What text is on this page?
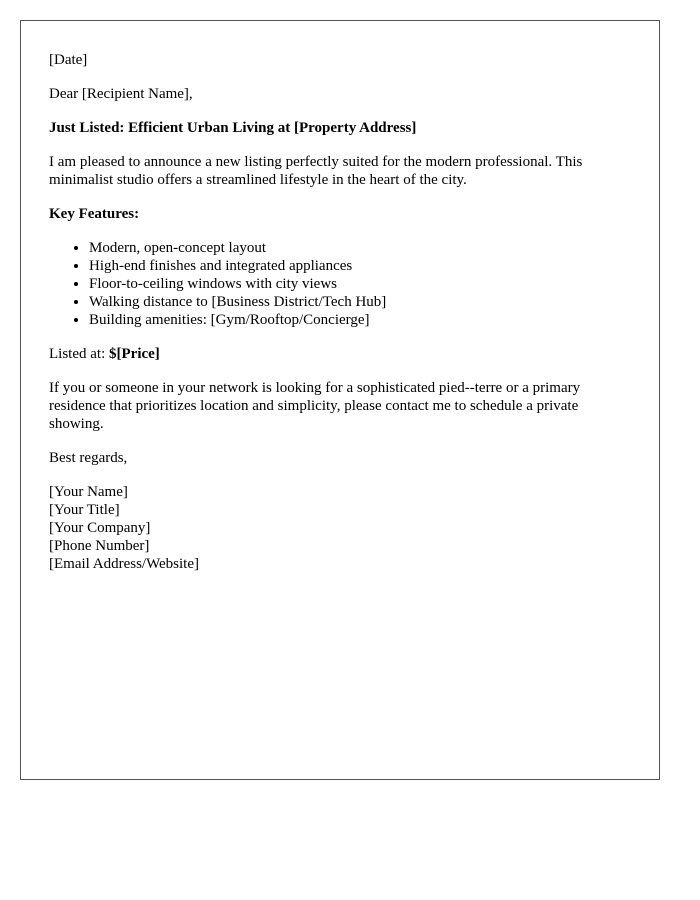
[Date]

Dear [Recipient Name],

Just Listed: Efficient Urban Living at [Property Address]

I am pleased to announce a new listing perfectly suited for the modern professional. This minimalist studio offers a streamlined lifestyle in the heart of the city.

Key Features:

• Modern, open-concept layout
• High-end finishes and integrated appliances
• Floor-to-ceiling windows with city views
• Walking distance to [Business District/Tech Hub]
• Building amenities: [Gym/Rooftop/Concierge]

Listed at: $[Price]

If you or someone in your network is looking for a sophisticated pied--terre or a primary residence that prioritizes location and simplicity, please contact me to schedule a private showing.

Best regards,

[Your Name]
[Your Title]
[Your Company]
[Phone Number]
[Email Address/Website]
